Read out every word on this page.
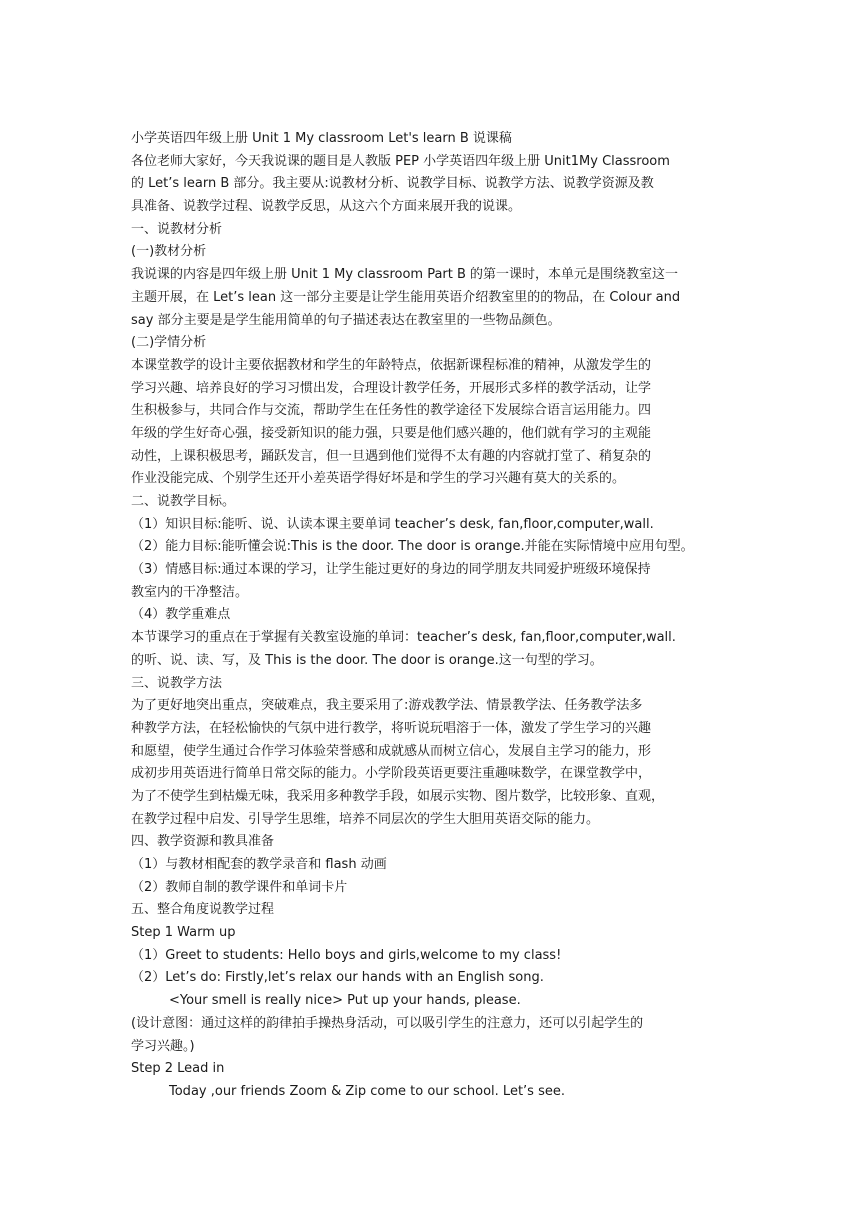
小学英语四年级上册 Unit 1 My classroom Let's learn B 说课稿
各位老师大家好，今天我说课的题目是人教版 PEP 小学英语四年级上册 Unit1My Classroom
的 Let’s learn B 部分。我主要从:说教材分析、说教学目标、说教学方法、说教学资源及教
具准备、说教学过程、说教学反思，从这六个方面来展开我的说课。
一、说教材分析
(一)教材分析
我说课的内容是四年级上册 Unit 1 My classroom Part B 的第一课时，本单元是围绕教室这一
主题开展，在 Let’s lean 这一部分主要是让学生能用英语介绍教室里的的物品，在 Colour and
say 部分主要是是学生能用简单的句子描述表达在教室里的一些物品颜色。
(二)学情分析
本课堂教学的设计主要依据教材和学生的年龄特点，依据新课程标准的精神，从激发学生的
学习兴趣、培养良好的学习习惯出发，合理设计教学任务，开展形式多样的教学活动，让学
生积极参与，共同合作与交流，帮助学生在任务性的教学途径下发展综合语言运用能力。四
年级的学生好奇心强，接受新知识的能力强，只要是他们感兴趣的，他们就有学习的主观能
动性，上课积极思考，踊跃发言，但一旦遇到他们觉得不太有趣的内容就打堂了、稍复杂的
作业没能完成、个别学生还开小差英语学得好坏是和学生的学习兴趣有莫大的关系的。
二、说教学目标。
（1）知识目标:能听、说、认读本课主要单词 teacher’s desk, fan,floor,computer,wall.
（2）能力目标:能听懂会说:This is the door. The door is orange.并能在实际情境中应用句型。
（3）情感目标:通过本课的学习，让学生能过更好的身边的同学朋友共同爱护班级环境保持
教室内的干净整洁。
（4）教学重难点
本节课学习的重点在于掌握有关教室设施的单词：teacher’s desk, fan,floor,computer,wall.
的听、说、读、写，及 This is the door. The door is orange.这一句型的学习。
三、说教学方法
为了更好地突出重点，突破难点，我主要采用了:游戏教学法、情景教学法、任务教学法多
种教学方法，在轻松愉快的气氛中进行教学，将听说玩唱溶于一体，激发了学生学习的兴趣
和愿望，使学生通过合作学习体验荣誉感和成就感从而树立信心，发展自主学习的能力，形
成初步用英语进行简单日常交际的能力。小学阶段英语更要注重趣味数学，在课堂教学中，
为了不使学生到枯燥无味，我采用多种教学手段，如展示实物、图片数学，比较形象、直观，
在教学过程中启发、引导学生思维，培养不同层次的学生大胆用英语交际的能力。
四、教学资源和教具准备
（1）与教材相配套的教学录音和 flash 动画
（2）教师自制的教学课件和单词卡片
五、整合角度说教学过程
Step 1 Warm up
（1）Greet to students: Hello boys and girls,welcome to my class!
（2）Let’s do: Firstly,let’s relax our hands with an English song.
<Your smell is really nice> Put up your hands, please.
(设计意图：通过这样的韵律拍手操热身活动，可以吸引学生的注意力，还可以引起学生的
学习兴趣。)
Step 2 Lead in
Today ,our friends Zoom & Zip come to our school. Let’s see.
